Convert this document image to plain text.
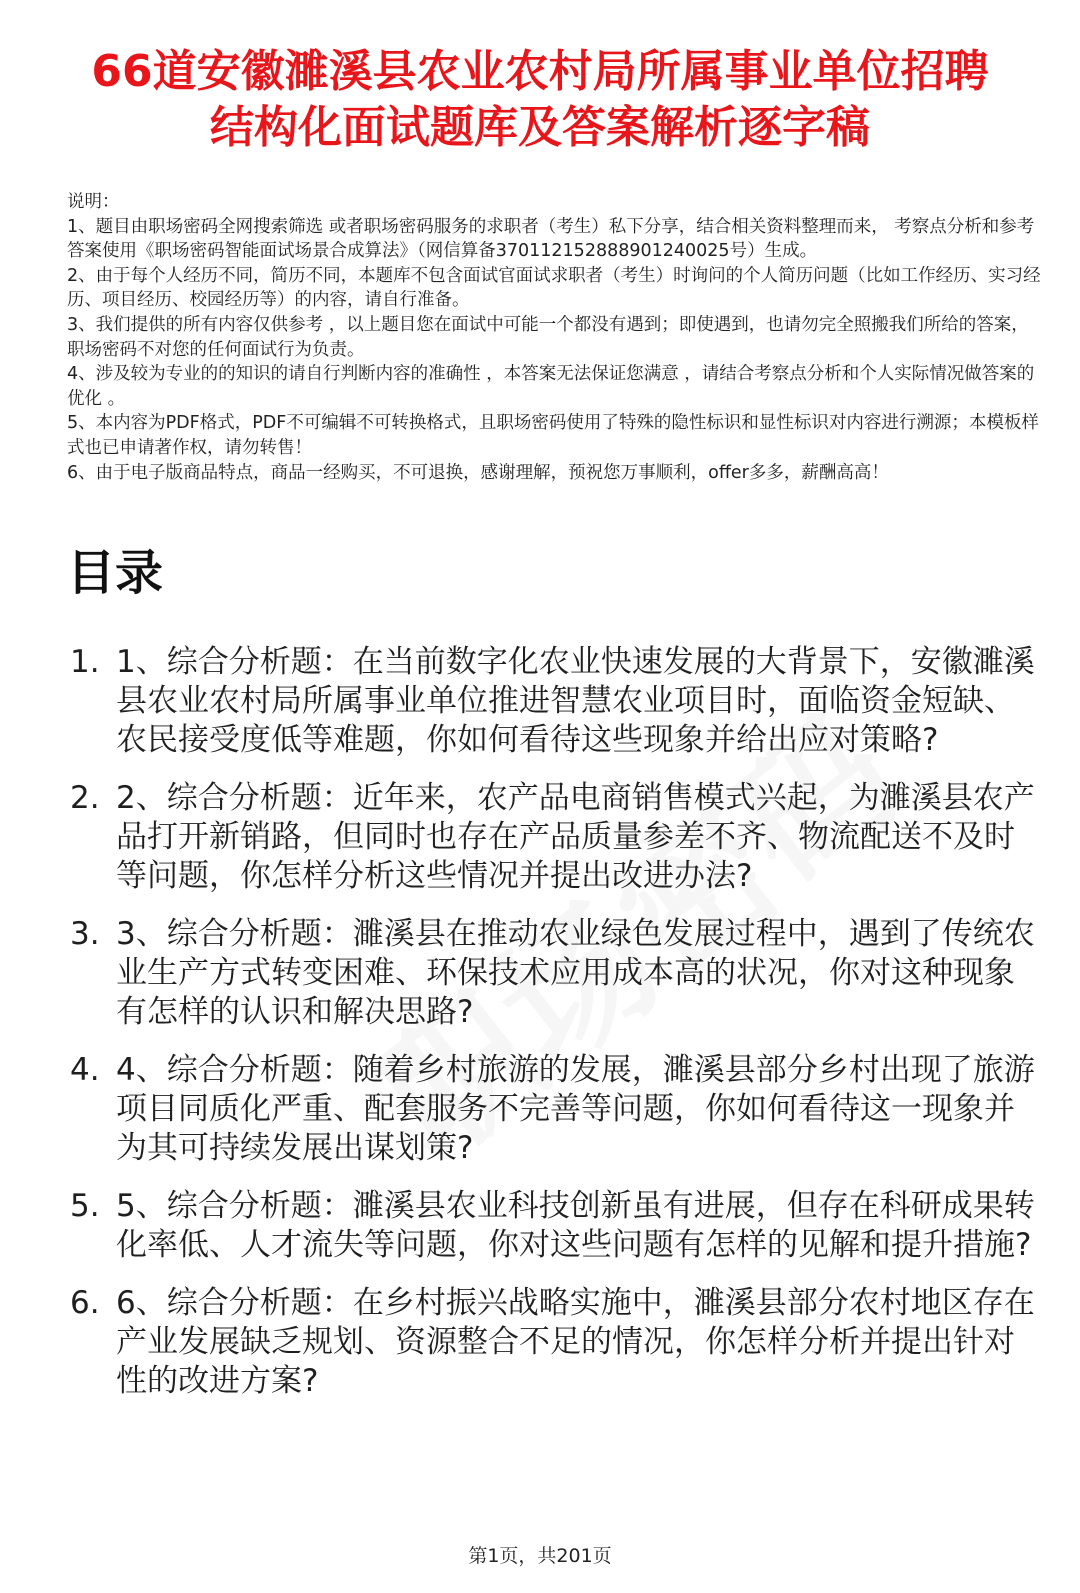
66道安徽濉溪县农业农村局所属事业单位招聘
结构化面试题库及答案解析逐字稿

说明：

1、题目由职场密码全网搜索筛选 或者职场密码服务的求职者（考生）私下分享，结合相关资料整理而来， 考察点分析和参考答案使用《职场密码智能面试场景合成算法》（网信算备370112152888901240025号）生成。

2、由于每个人经历不同，简历不同，本题库不包含面试官面试求职者（考生）时询问的个人简历问题（比如工作经历、实习经历、项目经历、校园经历等）的内容，请自行准备。

3、我们提供的所有内容仅供参考 ，以上题目您在面试中可能一个都没有遇到；即使遇到，也请勿完全照搬我们所给的答案，职场密码不对您的任何面试行为负责。

4、涉及较为专业的的知识的请自行判断内容的准确性 ，本答案无法保证您满意 ，请结合考察点分析和个人实际情况做答案的优化 。

5、本内容为PDF格式，PDF不可编辑不可转换格式，且职场密码使用了特殊的隐性标识和显性标识对内容进行溯源；本模板样式也已申请著作权，请勿转售！

6、由于电子版商品特点，商品一经购买，不可退换，感谢理解，预祝您万事顺利，offer多多，薪酬高高！

目录
1. 1、综合分析题：在当前数字化农业快速发展的大背景下，安徽濉溪县农业农村局所属事业单位推进智慧农业项目时，面临资金短缺、农民接受度低等难题，你如何看待这些现象并给出应对策略?
2. 2、综合分析题：近年来，农产品电商销售模式兴起，为濉溪县农产品打开新销路，但同时也存在产品质量参差不齐、物流配送不及时等问题，你怎样分析这些情况并提出改进办法?
3. 3、综合分析题：濉溪县在推动农业绿色发展过程中，遇到了传统农业生产方式转变困难、环保技术应用成本高的状况，你对这种现象有怎样的认识和解决思路?
4. 4、综合分析题：随着乡村旅游的发展，濉溪县部分乡村出现了旅游项目同质化严重、配套服务不完善等问题，你如何看待这一现象并为其可持续发展出谋划策?
5. 5、综合分析题：濉溪县农业科技创新虽有进展，但存在科研成果转化率低、人才流失等问题，你对这些问题有怎样的见解和提升措施?
6. 6、综合分析题：在乡村振兴战略实施中，濉溪县部分农村地区存在产业发展缺乏规划、资源整合不足的情况，你怎样分析并提出针对性的改进方案?
第1页，共201页
